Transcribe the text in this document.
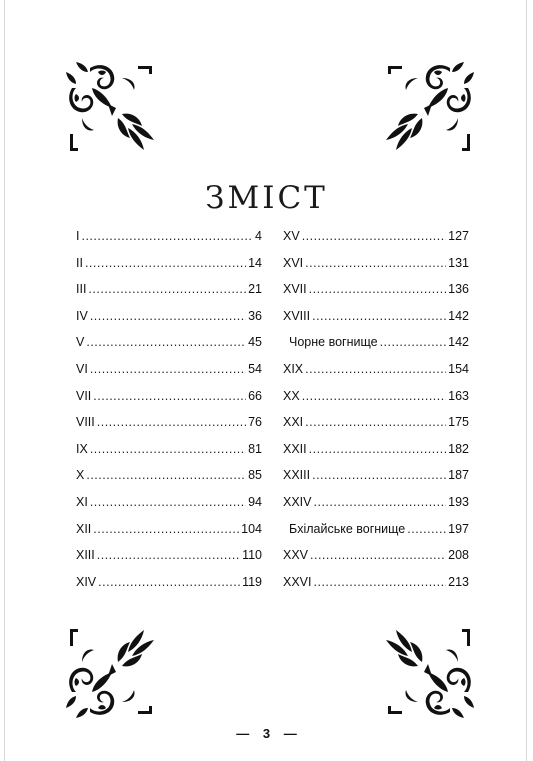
ЗМІСТ
I .....	4
II .....	14
III .....	21
IV .....	36
V .....	45
VI .....	54
VII .....	66
VIII .....	76
IX .....	81
X .....	85
XI .....	94
XII .....	104
XIII .....	110
XIV .....	119
XV .....	127
XVI .....	131
XVII .....	136
XVIII .....	142
Чорне вогнище .....	142
XIX .....	154
XX .....	163
XXI .....	175
XXII .....	182
XXIII .....	187
XXIV .....	193
Бхілайське вогнище .....	197
XXV .....	208
XXVI .....	213
— 3 —
